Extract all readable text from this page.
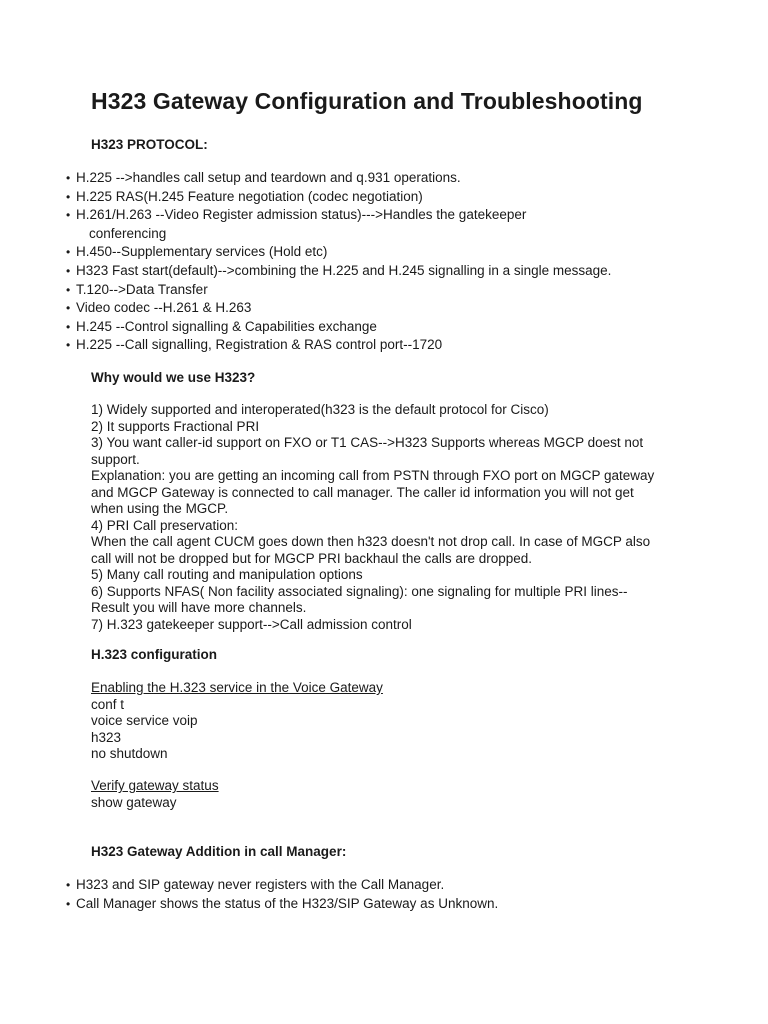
H323 Gateway Configuration and Troubleshooting
H323 PROTOCOL:
• H.225 -->handles call setup and teardown and q.931 operations.
• H.225 RAS(H.245 Feature negotiation (codec negotiation)
• H.261/H.263 --Video Register admission status)--->Handles the gatekeeper
conferencing
• H.450--Supplementary services (Hold etc)
• H323 Fast start(default)-->combining the H.225 and H.245 signalling in a single message.
• T.120-->Data Transfer
• Video codec --H.261 & H.263
• H.245 --Control signalling & Capabilities exchange
• H.225 --Call signalling, Registration & RAS control port--1720
Why would we use H323?
1) Widely supported and interoperated(h323 is the default protocol for Cisco)
2) It supports Fractional PRI
3) You want caller-id support on FXO or T1 CAS-->H323 Supports whereas MGCP doest not
support.
Explanation: you are getting an incoming call from PSTN through FXO port on MGCP gateway
and MGCP Gateway is connected to call manager. The caller id information you will not get
when using the MGCP.
4) PRI Call preservation:
When the call agent CUCM goes down then h323 doesn't not drop call. In case of MGCP also
call will not be dropped but for MGCP PRI backhaul the calls are dropped.
5) Many call routing and manipulation options
6) Supports NFAS( Non facility associated signaling): one signaling for multiple PRI lines--
Result you will have more channels.
7) H.323 gatekeeper support-->Call admission control
H.323 configuration
Enabling the H.323 service in the Voice Gateway
conf t
voice service voip
h323
no shutdown
Verify gateway status
show gateway
H323 Gateway Addition in call Manager:
• H323 and SIP gateway never registers with the Call Manager.
• Call Manager shows the status of the H323/SIP Gateway as Unknown.
